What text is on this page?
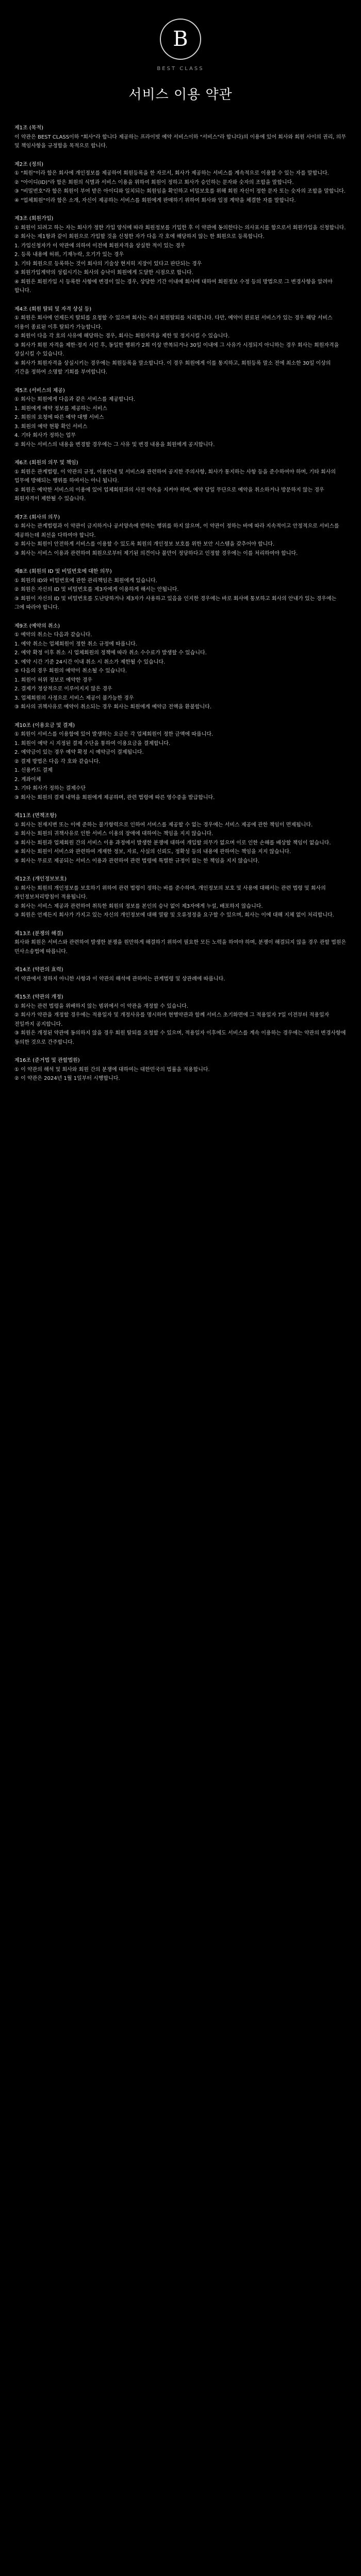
B
BEST CLASS
서비스 이용 약관
제1조 (목적)

이 약관은 BEST CLASS이하 "회사"라 합니다 제공하는 프라이빗 예약 서비스이하 "서비스"라 합니다)의 이용에 있어 회사와 회원 사이의 권리, 의무 및 책임사항을 규정함을 목적으로 합니다.

제2조 (정의)

① "회원"이라 함은 회사에 개인정보를 제공하여 회원등록을 한 자로서, 회사가 제공하는 서비스를 계속적으로 이용할 수 있는 자를 말합니다.
② "아이디(ID)"라 함은 회원의 식별과 서비스 이용을 위하여 회원이 정하고 회사가 승인하는 문자와 숫자의 조합을 말합니다.
③ "비밀번호"라 함은 회원이 부여 받은 아이디와 일치되는 회원임을 확인하고 비밀보호를 위해 회원 자신이 정한 문자 또는 숫자의 조합을 말합니다.
④ "업체회원"이라 함은 소개, 자신이 제공하는 서비스를 회원에게 판매하기 위하여 회사와 입점 계약을 체결한 자를 말합니다.

제3조 (회원가입)

① 회원이 되려고 하는 자는 회사가 정한 가입 양식에 따라 회원정보를 기입한 후 이 약관에 동의한다는 의사표시를 함으로서 회원가입을 신청합니다.
② 회사는 제1항과 같이 회원으로 가입할 것을 신청한 자가 다음 각 호에 해당하지 않는 한 회원으로 등록합니다.
1. 가입신청자가 이 약관에 의하여 이전에 회원자격을 상실한 적이 있는 경우
2. 등록 내용에 허위, 기재누락, 오기가 있는 경우
3. 기타 회원으로 등록하는 것이 회사의 기술상 현저히 지장이 있다고 판단되는 경우
③ 회원가입계약의 성립시기는 회사의 승낙이 회원에게 도달한 시점으로 합니다.
④ 회원은 회원가입 시 등록한 사항에 변경이 있는 경우, 상당한 기간 이내에 회사에 대하여 회원정보 수정 등의 방법으로 그 변경사항을 알려야 합니다.

제4조 (회원 탈퇴 및 자격 상실 등)

① 회원은 회사에 언제든지 탈퇴를 요청할 수 있으며 회사는 즉시 회원탈퇴를 처리합니다. 다만, 예약이 완료된 서비스가 있는 경우 해당 서비스 이용이 종료된 이후 탈퇴가 가능합니다.
② 회원이 다음 각 호의 사유에 해당하는 경우, 회사는 회원자격을 제한 및 정지시킬 수 있습니다.
③ 회사가 회원 자격을 제한·정지 시킨 후, 동일한 행위가 2회 이상 반복되거나 30일 이내에 그 사유가 시정되지 아니하는 경우 회사는 회원자격을 상실시킬 수 있습니다.
④ 회사가 회원자격을 상실시키는 경우에는 회원등록을 말소합니다. 이 경우 회원에게 이를 통지하고, 회원등록 말소 전에 최소한 30일 이상의 기간을 정하여 소명할 기회를 부여합니다.

제5조 (서비스의 제공)

① 회사는 회원에게 다음과 같은 서비스를 제공합니다.
1. 회원에게 예약 정보를 제공하는 서비스
2. 회원의 요청에 따른 예약 대행 서비스
3. 회원의 예약 현황 확인 서비스
4. 기타 회사가 정하는 업무
② 회사는 서비스의 내용을 변경할 경우에는 그 사유 및 변경 내용을 회원에게 공지합니다.

제6조 (회원의 의무 및 책임)

① 회원은 관계법령, 이 약관의 규정, 이용안내 및 서비스와 관련하여 공지한 주의사항, 회사가 통지하는 사항 등을 준수하여야 하며, 기타 회사의 업무에 방해되는 행위를 하여서는 아니 됩니다.
② 회원은 예약한 서비스의 이용에 있어 업체회원과의 사전 약속을 지켜야 하며, 예약 당일 무단으로 예약을 취소하거나 방문하지 않는 경우 회원자격이 제한될 수 있습니다.

제7조 (회사의 의무)

① 회사는 관계법령과 이 약관이 금지하거나 공서양속에 반하는 행위를 하지 않으며, 이 약관이 정하는 바에 따라 지속적이고 안정적으로 서비스를 제공하는데 최선을 다하여야 합니다.
② 회사는 회원이 안전하게 서비스를 이용할 수 있도록 회원의 개인정보 보호를 위한 보안 시스템을 갖추어야 합니다.
③ 회사는 서비스 이용과 관련하여 회원으로부터 제기된 의견이나 불만이 정당하다고 인정할 경우에는 이를 처리하여야 합니다.

제8조 (회원의 ID 및 비밀번호에 대한 의무)

① 회원의 ID와 비밀번호에 관한 관리책임은 회원에게 있습니다.
② 회원은 자신의 ID 및 비밀번호를 제3자에게 이용하게 해서는 안됩니다.
③ 회원이 자신의 ID 및 비밀번호를 도난당하거나 제3자가 사용하고 있음을 인지한 경우에는 바로 회사에 통보하고 회사의 안내가 있는 경우에는 그에 따라야 합니다.

제9조 (예약의 취소)

① 예약의 취소는 다음과 같습니다.
1. 예약 취소는 업체회원이 정한 취소 규정에 따릅니다.
2. 예약 확정 이후 취소 시 업체회원의 정책에 따라 취소 수수료가 발생할 수 있습니다.
3. 예약 시간 기준 24시간 이내 취소 시 취소가 제한될 수 있습니다.
② 다음의 경우 회원의 예약이 취소될 수 있습니다.
1. 회원이 허위 정보로 예약한 경우
2. 결제가 정상적으로 이루어지지 않은 경우
3. 업체회원의 사정으로 서비스 제공이 불가능한 경우
③ 회사의 귀책사유로 예약이 취소되는 경우 회사는 회원에게 예약금 전액을 환불합니다.

제10조 (이용요금 및 결제)

① 회원이 서비스를 이용함에 있어 발생하는 요금은 각 업체회원이 정한 금액에 따릅니다.
1. 회원이 예약 시 지정된 결제 수단을 통하여 이용요금을 결제합니다.
2. 예약금이 있는 경우 예약 확정 시 예약금이 결제됩니다.
② 결제 방법은 다음 각 호와 같습니다.
1. 신용카드 결제
2. 계좌이체
3. 기타 회사가 정하는 결제수단
③ 회사는 회원의 결제 내역을 회원에게 제공하며, 관련 법령에 따른 영수증을 발급합니다.

제11조 (면책조항)

① 회사는 천재지변 또는 이에 준하는 불가항력으로 인하여 서비스를 제공할 수 없는 경우에는 서비스 제공에 관한 책임이 면제됩니다.
② 회사는 회원의 귀책사유로 인한 서비스 이용의 장애에 대하여는 책임을 지지 않습니다.
③ 회사는 회원과 업체회원 간의 서비스 이용 과정에서 발생한 분쟁에 대하여 개입할 의무가 없으며 이로 인한 손해를 배상할 책임이 없습니다.
④ 회사는 회원이 서비스와 관련하여 게재한 정보, 자료, 사실의 신뢰도, 정확성 등의 내용에 관하여는 책임을 지지 않습니다.
⑤ 회사는 무료로 제공되는 서비스 이용과 관련하여 관련 법령에 특별한 규정이 없는 한 책임을 지지 않습니다.

제12조 (개인정보보호)

① 회사는 회원의 개인정보를 보호하기 위하여 관련 법령이 정하는 바를 준수하며, 개인정보의 보호 및 사용에 대해서는 관련 법령 및 회사의 개인정보처리방침이 적용됩니다.
② 회사는 서비스 제공과 관련하여 취득한 회원의 정보를 본인의 승낙 없이 제3자에게 누설, 배포하지 않습니다.
③ 회원은 언제든지 회사가 가지고 있는 자신의 개인정보에 대해 열람 및 오류정정을 요구할 수 있으며, 회사는 이에 대해 지체 없이 처리합니다.

제13조 (분쟁의 해결)

회사와 회원은 서비스와 관련하여 발생한 분쟁을 원만하게 해결하기 위하여 필요한 모든 노력을 하여야 하며, 분쟁이 해결되지 않을 경우 관할 법원은 민사소송법에 따릅니다.

제14조 (약관의 효력)

이 약관에서 정하지 아니한 사항과 이 약관의 해석에 관하여는 관계법령 및 상관례에 따릅니다.

제15조 (약관의 개정)

① 회사는 관련 법령을 위배하지 않는 범위에서 이 약관을 개정할 수 있습니다.
② 회사가 약관을 개정할 경우에는 적용일자 및 개정사유를 명시하여 현행약관과 함께 서비스 초기화면에 그 적용일자 7일 이전부터 적용일자 전일까지 공지합니다.
③ 회원은 개정된 약관에 동의하지 않을 경우 회원 탈퇴를 요청할 수 있으며, 적용일자 이후에도 서비스를 계속 이용하는 경우에는 약관의 변경사항에 동의한 것으로 간주합니다.

제16조 (준거법 및 관할법원)

① 이 약관의 해석 및 회사와 회원 간의 분쟁에 대하여는 대한민국의 법률을 적용합니다.
② 이 약관은 2024년 1월 1일부터 시행합니다.
